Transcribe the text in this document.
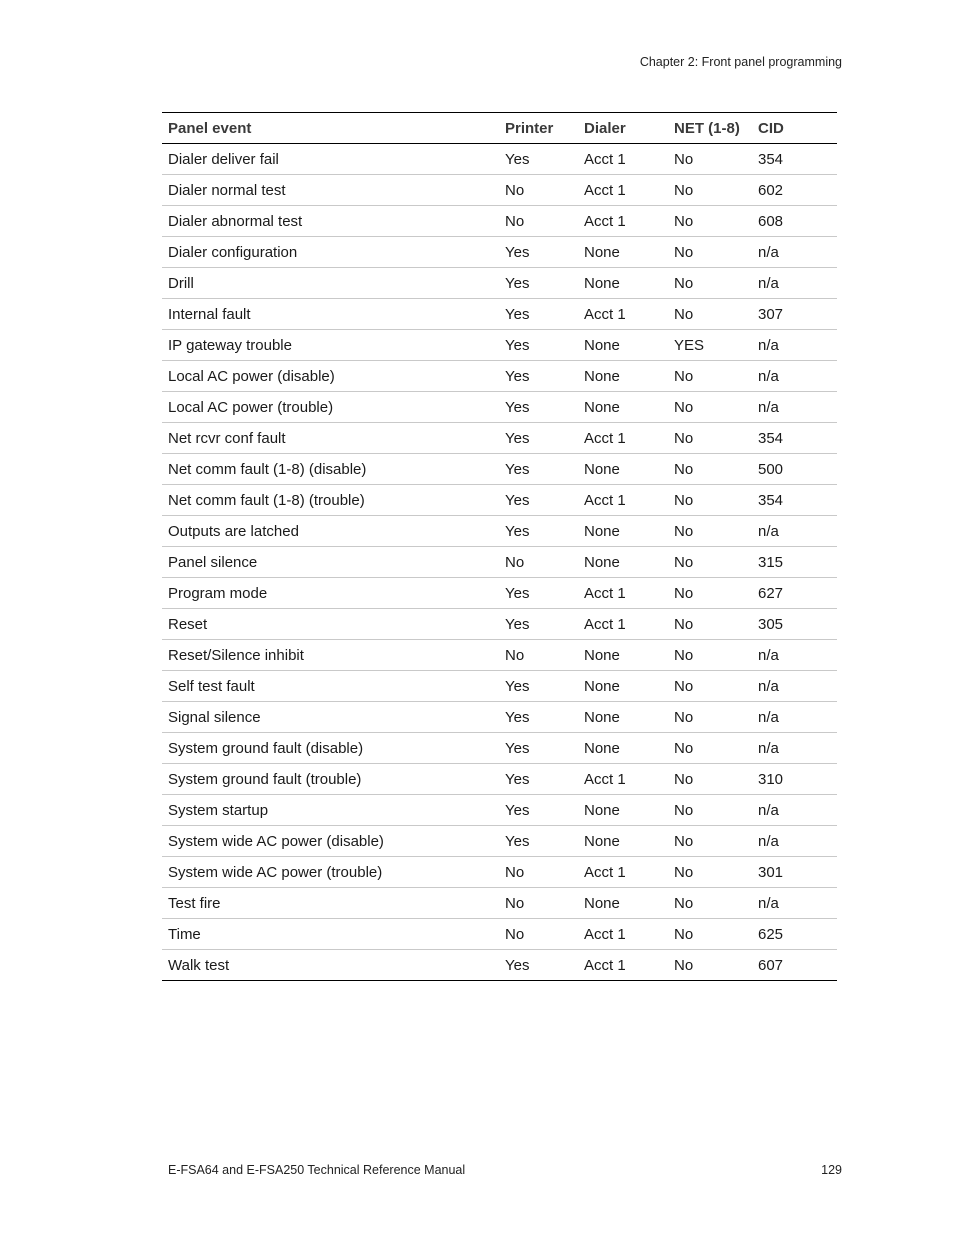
Chapter 2: Front panel programming
Panel event	Printer	Dialer	NET (1-8)	CID
Dialer deliver fail	Yes	Acct 1	No	354
Dialer normal test	No	Acct 1	No	602
Dialer abnormal test	No	Acct 1	No	608
Dialer configuration	Yes	None	No	n/a
Drill	Yes	None	No	n/a
Internal fault	Yes	Acct 1	No	307
IP gateway trouble	Yes	None	YES	n/a
Local AC power (disable)	Yes	None	No	n/a
Local AC power (trouble)	Yes	None	No	n/a
Net rcvr conf fault	Yes	Acct 1	No	354
Net comm fault (1-8) (disable)	Yes	None	No	500
Net comm fault (1-8) (trouble)	Yes	Acct 1	No	354
Outputs are latched	Yes	None	No	n/a
Panel silence	No	None	No	315
Program mode	Yes	Acct 1	No	627
Reset	Yes	Acct 1	No	305
Reset/Silence inhibit	No	None	No	n/a
Self test fault	Yes	None	No	n/a
Signal silence	Yes	None	No	n/a
System ground fault (disable)	Yes	None	No	n/a
System ground fault (trouble)	Yes	Acct 1	No	310
System startup	Yes	None	No	n/a
System wide AC power (disable)	Yes	None	No	n/a
System wide AC power (trouble)	No	Acct 1	No	301
Test fire	No	None	No	n/a
Time	No	Acct 1	No	625
Walk test	Yes	Acct 1	No	607
E-FSA64 and E-FSA250 Technical Reference Manual	129
